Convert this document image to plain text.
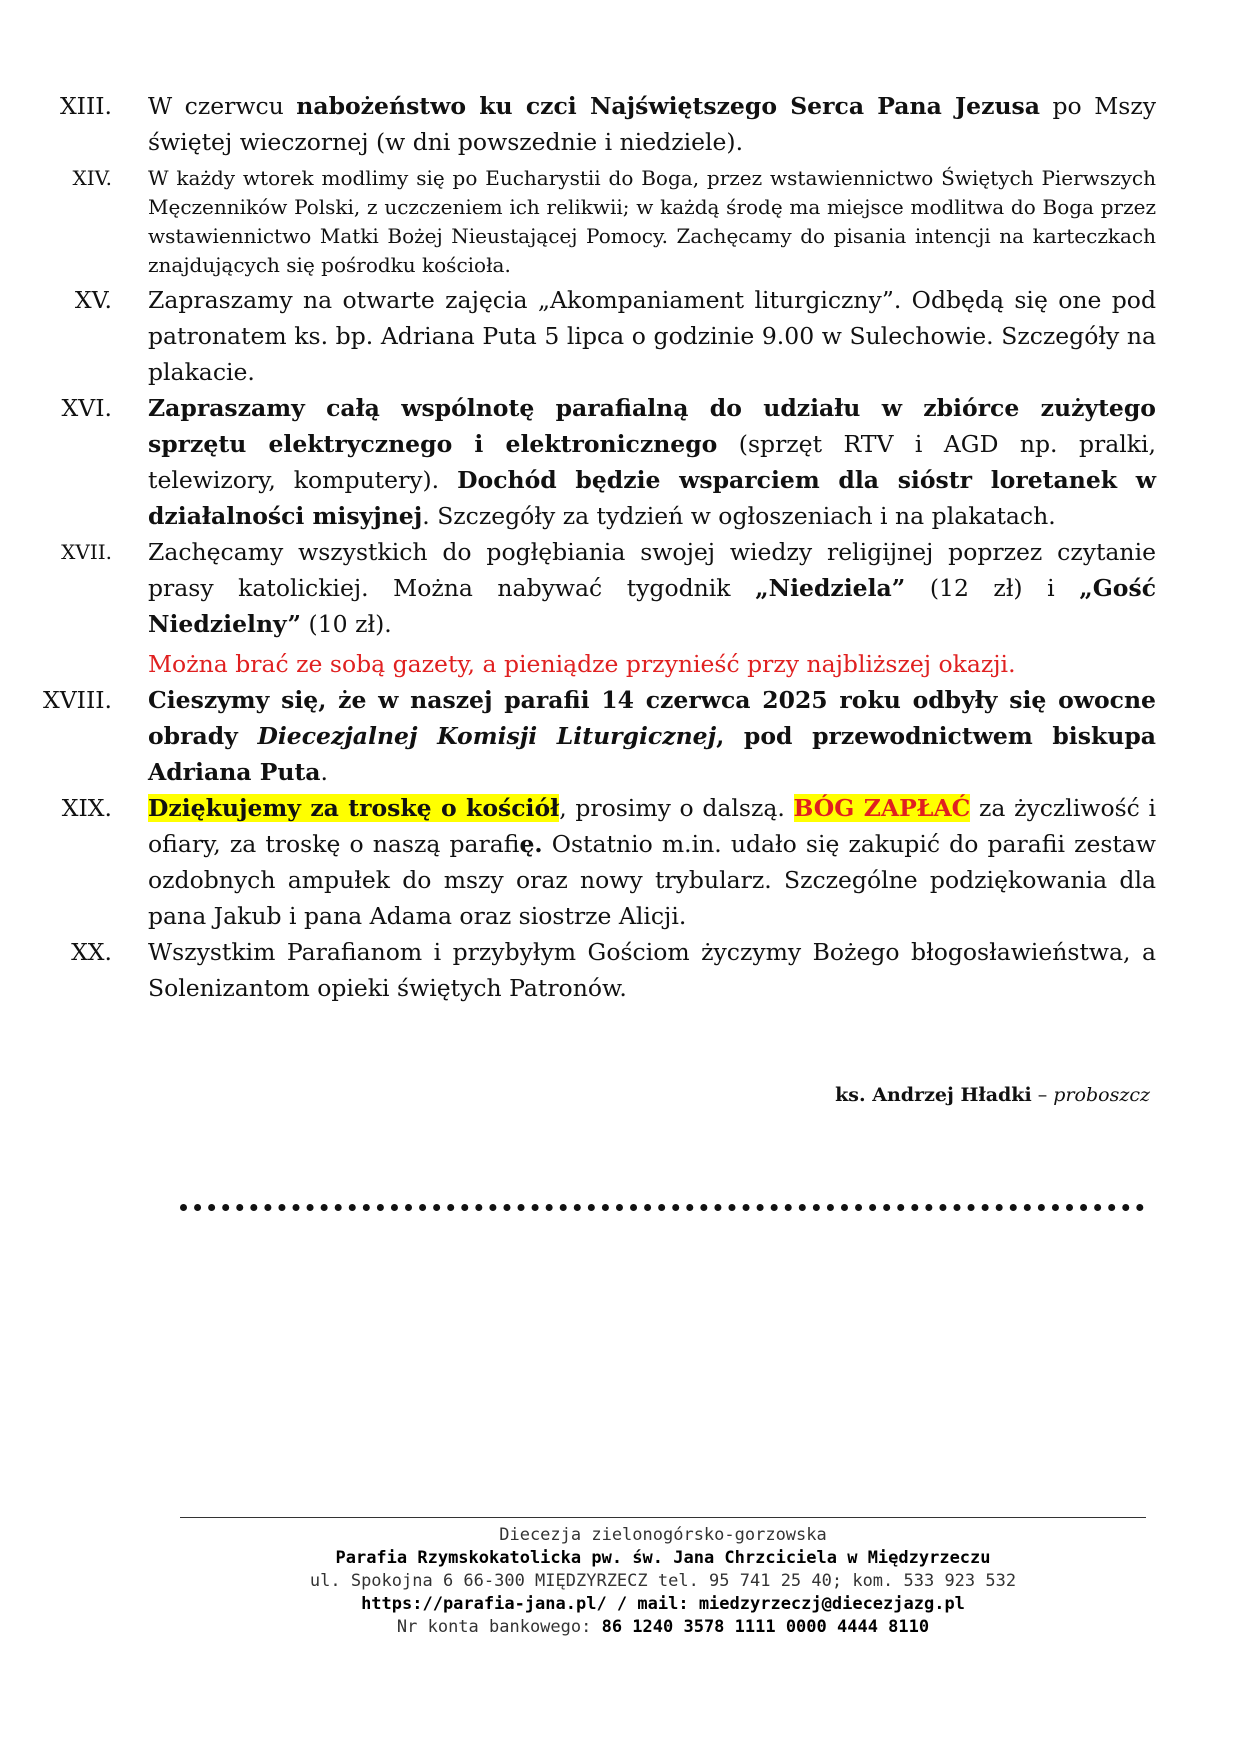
XIII.	W czerwcu nabożeństwo ku czci Najświętszego Serca Pana Jezusa po Mszy świętej wieczornej (w dni powszednie i niedziele).
XIV.	W każdy wtorek modlimy się po Eucharystii do Boga, przez wstawiennictwo Świętych Pierwszych Męczenników Polski, z uczczeniem ich relikwii; w każdą środę ma miejsce modlitwa do Boga przez wstawiennictwo Matki Bożej Nieustającej Pomocy. Zachęcamy do pisania intencji na karteczkach znajdujących się pośrodku kościoła.
XV.	Zapraszamy na otwarte zajęcia „Akompaniament liturgiczny”. Odbędą się one pod patronatem ks. bp. Adriana Puta 5 lipca o godzinie 9.00 w Sulechowie. Szczegóły na plakacie.
XVI.	Zapraszamy całą wspólnotę parafialną do udziału w zbiórce zużytego sprzętu elektrycznego i elektronicznego (sprzęt RTV i AGD np. pralki, telewizory, komputery). Dochód będzie wsparciem dla sióstr loretanek w działalności misyjnej. Szczegóły za tydzień w ogłoszeniach i na plakatach.
XVII.	Zachęcamy wszystkich do pogłębiania swojej wiedzy religijnej poprzez czytanie prasy katolickiej. Można nabywać tygodnik „Niedziela” (12 zł) i „Gość Niedzielny” (10 zł).
Można brać ze sobą gazety, a pieniądze przynieść przy najbliższej okazji.
XVIII.	Cieszymy się, że w naszej parafii 14 czerwca 2025 roku odbyły się owocne obrady Diecezjalnej Komisji Liturgicznej, pod przewodnictwem biskupa Adriana Puta.
XIX.	Dziękujemy za troskę o kościół, prosimy o dalszą. BÓG ZAPŁAĆ za życzliwość i ofiary, za troskę o naszą parafię. Ostatnio m.in. udało się zakupić do parafii zestaw ozdobnych ampułek do mszy oraz nowy trybularz. Szczególne podziękowania dla pana Jakub i pana Adama oraz siostrze Alicji.
XX.	Wszystkim Parafianom i przybyłym Gościom życzymy Bożego błogosławieństwa, a Solenizantom opieki świętych Patronów.
ks. Andrzej Hładki – proboszcz
Diecezja zielonogórsko-gorzowska
Parafia Rzymskokatolicka pw. św. Jana Chrzciciela w Międzyrzeczu
ul. Spokojna 6 66-300 MIĘDZYRZECZ tel. 95 741 25 40; kom. 533 923 532
https://parafia-jana.pl/ / mail: miedzyrzeczj@diecezjazg.pl
Nr konta bankowego: 86 1240 3578 1111 0000 4444 8110
